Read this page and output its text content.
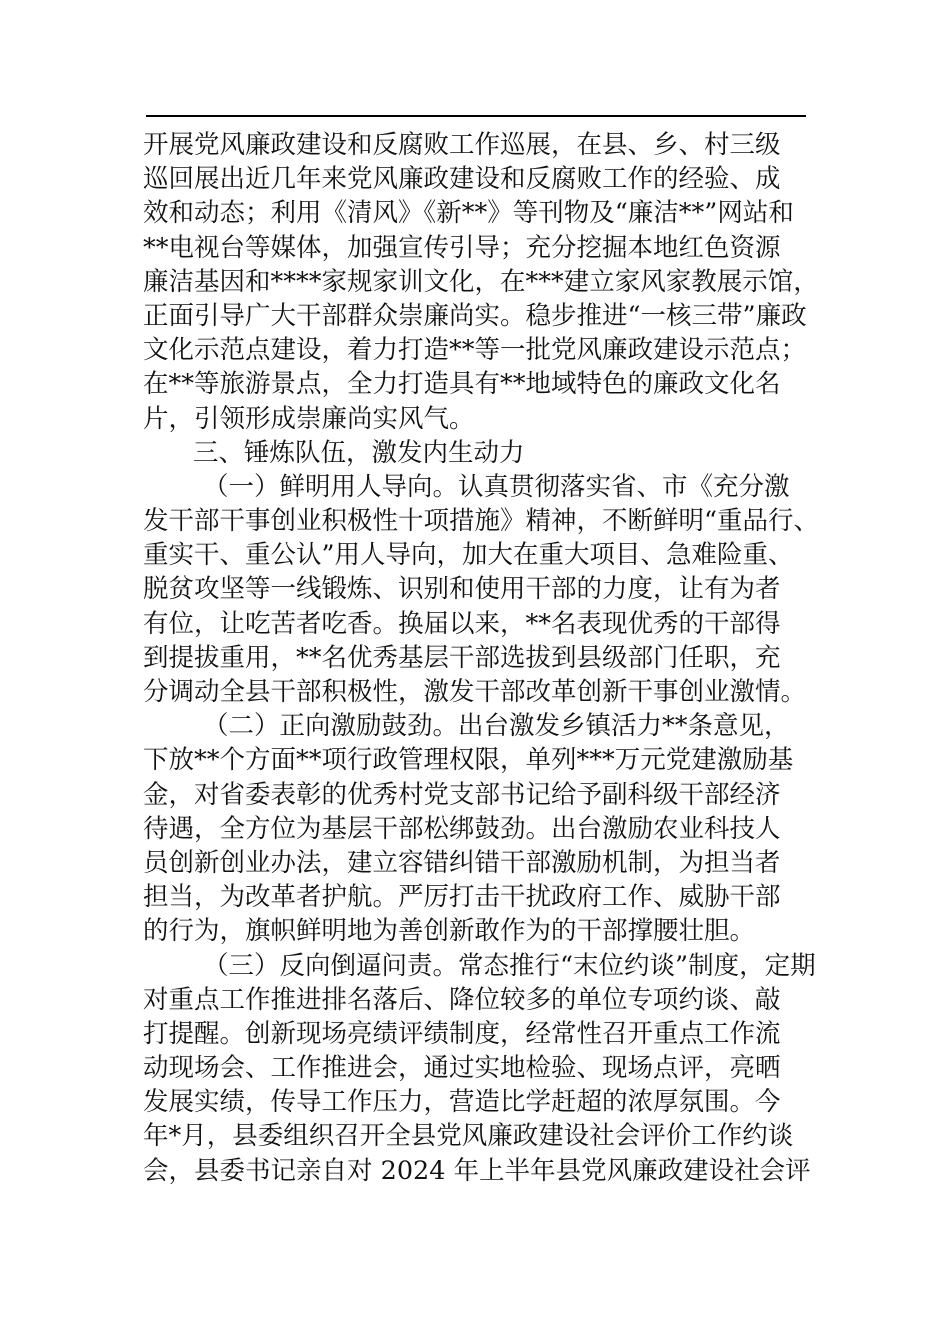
开展党风廉政建设和反腐败工作巡展，在县、乡、村三级
巡回展出近几年来党风廉政建设和反腐败工作的经验、成
效和动态；利用《清风》《新**》等刊物及“廉洁**”网站和
**电视台等媒体，加强宣传引导；充分挖掘本地红色资源
廉洁基因和****家规家训文化，在***建立家风家教展示馆，
正面引导广大干部群众崇廉尚实。稳步推进“一核三带”廉政
文化示范点建设，着力打造**等一批党风廉政建设示范点；
在**等旅游景点，全力打造具有**地域特色的廉政文化名
片，引领形成崇廉尚实风气。
三、锤炼队伍，激发内生动力
（一）鲜明用人导向。认真贯彻落实省、市《充分激
发干部干事创业积极性十项措施》精神，不断鲜明“重品行、
重实干、重公认”用人导向，加大在重大项目、急难险重、
脱贫攻坚等一线锻炼、识别和使用干部的力度，让有为者
有位，让吃苦者吃香。换届以来，**名表现优秀的干部得
到提拔重用，**名优秀基层干部选拔到县级部门任职，充
分调动全县干部积极性，激发干部改革创新干事创业激情。
（二）正向激励鼓劲。出台激发乡镇活力**条意见，
下放**个方面**项行政管理权限，单列***万元党建激励基
金，对省委表彰的优秀村党支部书记给予副科级干部经济
待遇，全方位为基层干部松绑鼓劲。出台激励农业科技人
员创新创业办法，建立容错纠错干部激励机制，为担当者
担当，为改革者护航。严厉打击干扰政府工作、威胁干部
的行为，旗帜鲜明地为善创新敢作为的干部撑腰壮胆。
（三）反向倒逼问责。常态推行“末位约谈”制度，定期
对重点工作推进排名落后、降位较多的单位专项约谈、敲
打提醒。创新现场亮绩评绩制度，经常性召开重点工作流
动现场会、工作推进会，通过实地检验、现场点评，亮晒
发展实绩，传导工作压力，营造比学赶超的浓厚氛围。今
年*月，县委组织召开全县党风廉政建设社会评价工作约谈
会，县委书记亲自对 2024 年上半年县党风廉政建设社会评
